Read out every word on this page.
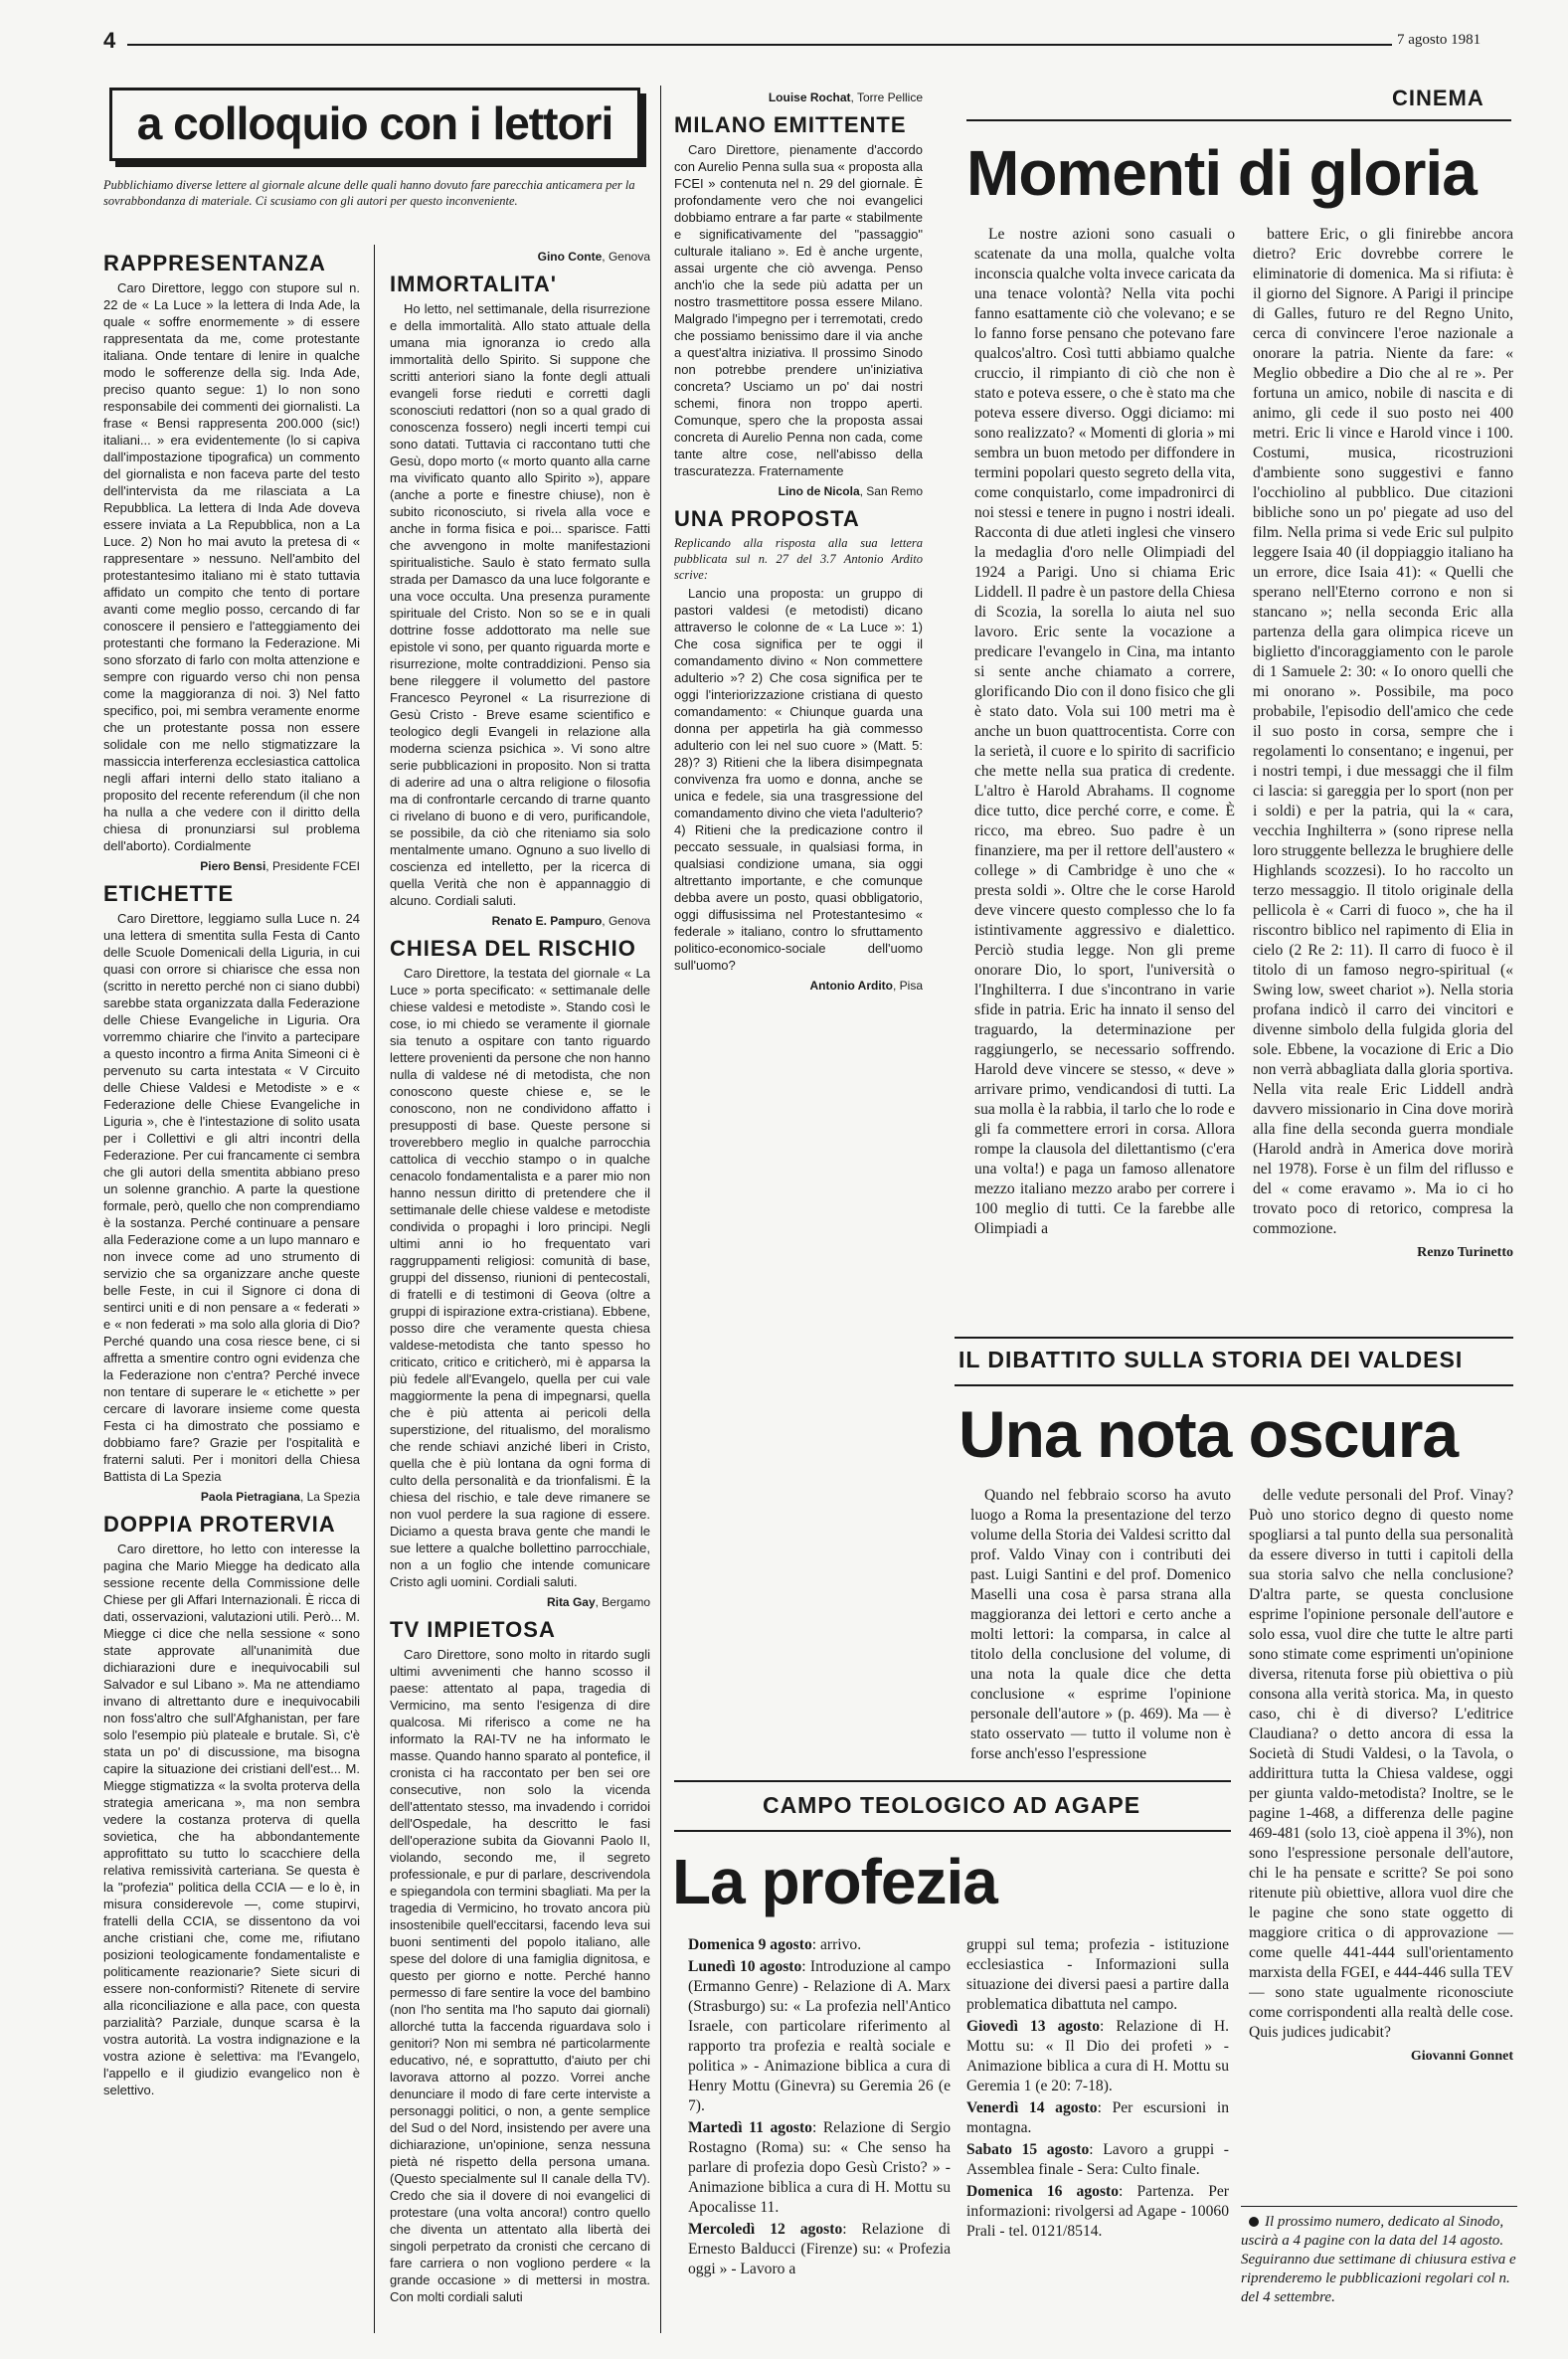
4	7 agosto 1981
a colloquio con i lettori
Pubblichiamo diverse lettere al giornale alcune delle quali hanno dovuto fare parecchia anticamera per la sovrabbondanza di materiale. Ci scusiamo con gli autori per questo inconveniente.
RAPPRESENTANZA

Caro Direttore, leggo con stupore sul n. 22 de « La Luce » la lettera di Inda Ade, la quale « soffre enormemente » di essere rappresentata da me, come protestante italiana. Onde tentare di lenire in qualche modo le sofferenze della sig. Inda Ade, preciso quanto segue: 1) Io non sono responsabile dei commenti dei giornalisti. La frase « Bensi rappresenta 200.000 (sic!) italiani... » era evidentemente (lo si capiva dall'impostazione tipografica) un commento del giornalista e non faceva parte del testo dell'intervista da me rilasciata a La Repubblica. La lettera di Inda Ade doveva essere inviata a La Repubblica, non a La Luce. 2) Non ho mai avuto la pretesa di « rappresentare » nessuno. Nell'ambito del protestantesimo italiano mi è stato tuttavia affidato un compito che tento di portare avanti come meglio posso, cercando di far conoscere il pensiero e l'atteggiamento dei protestanti che formano la Federazione. Mi sono sforzato di farlo con molta attenzione e sempre con riguardo verso chi non pensa come la maggioranza di noi. 3) Nel fatto specifico, poi, mi sembra veramente enorme che un protestante possa non essere solidale con me nello stigmatizzare la massiccia interferenza ecclesiastica cattolica negli affari interni dello stato italiano a proposito del recente referendum (il che non ha nulla a che vedere con il diritto della chiesa di pronunziarsi sul problema dell'aborto). Cordialmente

Piero Bensi, Presidente FCEI
ETICHETTE

Caro Direttore, leggiamo sulla Luce n. 24 una lettera di smentita sulla Festa di Canto delle Scuole Domenicali della Liguria, in cui quasi con orrore si chiarisce che essa non (scritto in neretto perché non ci siano dubbi) sarebbe stata organizzata dalla Federazione delle Chiese Evangeliche in Liguria. Ora vorremmo chiarire che l'invito a partecipare a questo incontro a firma Anita Simeoni ci è pervenuto su carta intestata « V Circuito delle Chiese Valdesi e Metodiste » e « Federazione delle Chiese Evangeliche in Liguria », che è l'intestazione di solito usata per i Collettivi e gli altri incontri della Federazione. Per cui francamente ci sembra che gli autori della smentita abbiano preso un solenne granchio. A parte la questione formale, però, quello che non comprendiamo è la sostanza. Perché continuare a pensare alla Federazione come a un lupo mannaro e non invece come ad uno strumento di servizio che sa organizzare anche queste belle Feste, in cui il Signore ci dona di sentirci uniti e di non pensare a « federati » e « non federati » ma solo alla gloria di Dio? Perché quando una cosa riesce bene, ci si affretta a smentire contro ogni evidenza che la Federazione non c'entra? Perché invece non tentare di superare le « etichette » per cercare di lavorare insieme come questa Festa ci ha dimostrato che possiamo e dobbiamo fare? Grazie per l'ospitalità e fraterni saluti. Per i monitori della Chiesa Battista di La Spezia

Paola Pietragiana, La Spezia
DOPPIA PROTERVIA

Caro direttore, ho letto con interesse la pagina che Mario Miegge ha dedicato alla sessione recente della Commissione delle Chiese per gli Affari Internazionali. È ricca di dati, osservazioni, valutazioni utili. Però... M. Miegge ci dice che nella sessione « sono state approvate all'unanimità due dichiarazioni dure e inequivocabili sul Salvador e sul Libano ». Ma ne attendiamo invano di altrettanto dure e inequivocabili non foss'altro che sull'Afghanistan, per fare solo l'esempio più plateale e brutale. Sì, c'è stata un po' di discussione, ma bisogna capire la situazione dei cristiani dell'est... M. Miegge stigmatizza « la svolta proterva della strategia americana », ma non sembra vedere la costanza proterva di quella sovietica, che ha abbondantemente approfittato su tutto lo scacchiere della relativa remissività carteriana. Se questa è la "profezia" politica della CCIA — e lo è, in misura considerevole —, come stupirvi, fratelli della CCIA, se dissentono da voi anche cristiani che, come me, rifiutano posizioni teologicamente fondamentaliste e politicamente reazionarie? Siete sicuri di essere non-conformisti? Ritenete di servire alla riconciliazione e alla pace, con questa parzialità? Parziale, dunque scarsa è la vostra autorità. La vostra indignazione e la vostra azione è selettiva: ma l'Evangelo, l'appello e il giudizio evangelico non è selettivo.

Gino Conte, Genova
IMMORTALITA'

Ho letto, nel settimanale, della risurrezione e della immortalità. Allo stato attuale della umana mia ignoranza io credo alla immortalità dello Spirito. Si suppone che scritti anteriori siano la fonte degli attuali evangeli forse rieduti e corretti dagli sconosciuti redattori (non so a qual grado di conoscenza fossero) negli incerti tempi cui sono datati. Tuttavia ci raccontano tutti che Gesù, dopo morto (« morto quanto alla carne ma vivificato quanto allo Spirito »), appare (anche a porte e finestre chiuse), non è subito riconosciuto, si rivela alla voce e anche in forma fisica e poi... sparisce. Fatti che avvengono in molte manifestazioni spiritualistiche. Saulo è stato fermato sulla strada per Damasco da una luce folgorante e una voce occulta. Una presenza puramente spirituale del Cristo. Non so se e in quali dottrine fosse addottorato ma nelle sue epistole vi sono, per quanto riguarda morte e risurrezione, molte contraddizioni. Penso sia bene rileggere il volumetto del pastore Francesco Peyronel « La risurrezione di Gesù Cristo - Breve esame scientifico e teologico degli Evangeli in relazione alla moderna scienza psichica ». Vi sono altre serie pubblicazioni in proposito. Non si tratta di aderire ad una o altra religione o filosofia ma di confrontarle cercando di trarne quanto ci rivelano di buono e di vero, purificandole, se possibile, da ciò che riteniamo sia solo mentalmente umano. Ognuno a suo livello di coscienza ed intelletto, per la ricerca di quella Verità che non è appannaggio di alcuno. Cordiali saluti.

Renato E. Pampuro, Genova
CHIESA DEL RISCHIO

Caro Direttore, la testata del giornale « La Luce » porta specificato: « settimanale delle chiese valdesi e metodiste ». Stando così le cose, io mi chiedo se veramente il giornale sia tenuto a ospitare con tanto riguardo lettere provenienti da persone che non hanno nulla di valdese né di metodista, che non conoscono queste chiese e, se le conoscono, non ne condividono affatto i presupposti di base. Queste persone si troverebbero meglio in qualche parrocchia cattolica di vecchio stampo o in qualche cenacolo fondamentalista e a parer mio non hanno nessun diritto di pretendere che il settimanale delle chiese valdese e metodiste condivida o propaghi i loro principi. Negli ultimi anni io ho frequentato vari raggruppamenti religiosi: comunità di base, gruppi del dissenso, riunioni di pentecostali, di fratelli e di testimoni di Geova (oltre a gruppi di ispirazione extra-cristiana). Ebbene, posso dire che veramente questa chiesa valdese-metodista che tanto spesso ho criticato, critico e criticherò, mi è apparsa la più fedele all'Evangelo, quella per cui vale maggiormente la pena di impegnarsi, quella che è più attenta ai pericoli della superstizione, del ritualismo, del moralismo che rende schiavi anziché liberi in Cristo, quella che è più lontana da ogni forma di culto della personalità e da trionfalismi. È la chiesa del rischio, e tale deve rimanere se non vuol perdere la sua ragione di essere. Diciamo a questa brava gente che mandi le sue lettere a qualche bollettino parrocchiale, non a un foglio che intende comunicare Cristo agli uomini. Cordiali saluti.

Rita Gay, Bergamo
TV IMPIETOSA

Caro Direttore, sono molto in ritardo sugli ultimi avvenimenti che hanno scosso il paese: attentato al papa, tragedia di Vermicino, ma sento l'esigenza di dire qualcosa. Mi riferisco a come ne ha informato la RAI-TV ne ha informato le masse. Quando hanno sparato al pontefice, il cronista ci ha raccontato per ben sei ore consecutive, non solo la vicenda dell'attentato stesso, ma invadendo i corridoi dell'Ospedale, ha descritto le fasi dell'operazione subita da Giovanni Paolo II, violando, secondo me, il segreto professionale, e pur di parlare, descrivendola e spiegandola con termini sbagliati. Ma per la tragedia di Vermicino, ho trovato ancora più insostenibile quell'eccitarsi, facendo leva sui buoni sentimenti del popolo italiano, alle spese del dolore di una famiglia dignitosa, e questo per giorno e notte. Perché hanno permesso di fare sentire la voce del bambino (non l'ho sentita ma l'ho saputo dai giornali) allorché tutta la faccenda riguardava solo i genitori? Non mi sembra né particolarmente educativo, né, e soprattutto, d'aiuto per chi lavorava attorno al pozzo. Vorrei anche denunciare il modo di fare certe interviste a personaggi politici, o non, a gente semplice del Sud o del Nord, insistendo per avere una dichiarazione, un'opinione, senza nessuna pietà né rispetto della persona umana. (Questo specialmente sul II canale della TV). Credo che sia il dovere di noi evangelici di protestare (una volta ancora!) contro quello che diventa un attentato alla libertà dei singoli perpetrato da cronisti che cercano di fare carriera o non vogliono perdere « la grande occasione » di mettersi in mostra. Con molti cordiali saluti

Louise Rochat, Torre Pellice
MILANO EMITTENTE

Caro Direttore, pienamente d'accordo con Aurelio Penna sulla sua « proposta alla FCEI » contenuta nel n. 29 del giornale. È profondamente vero che noi evangelici dobbiamo entrare a far parte « stabilmente e significativamente del "passaggio" culturale italiano ». Ed è anche urgente, assai urgente che ciò avvenga. Penso anch'io che la sede più adatta per un nostro trasmettitore possa essere Milano. Malgrado l'impegno per i terremotati, credo che possiamo benissimo dare il via anche a quest'altra iniziativa. Il prossimo Sinodo non potrebbe prendere un'iniziativa concreta? Usciamo un po' dai nostri schemi, finora non troppo aperti. Comunque, spero che la proposta assai concreta di Aurelio Penna non cada, come tante altre cose, nell'abisso della trascuratezza. Fraternamente

Lino de Nicola, San Remo
UNA PROPOSTA

Replicando alla risposta alla sua lettera pubblicata sul n. 27 del 3.7 Antonio Ardito scrive:

Lancio una proposta: un gruppo di pastori valdesi (e metodisti) dicano attraverso le colonne de « La Luce »: 1) Che cosa significa per te oggi il comandamento divino « Non commettere adulterio »? 2) Che cosa significa per te oggi l'interiorizzazione cristiana di questo comandamento: « Chiunque guarda una donna per appetirla ha già commesso adulterio con lei nel suo cuore » (Matt. 5: 28)? 3) Ritieni che la libera disimpegnata convivenza fra uomo e donna, anche se unica e fedele, sia una trasgressione del comandamento divino che vieta l'adulterio? 4) Ritieni che la predicazione contro il peccato sessuale, in qualsiasi forma, in qualsiasi condizione umana, sia oggi altrettanto importante, e che comunque debba avere un posto, quasi obbligatorio, oggi diffusissima nel Protestantesimo « federale » italiano, contro lo sfruttamento politico-economico-sociale dell'uomo sull'uomo?

Antonio Ardito, Pisa
CINEMA
Momenti di gloria

Le nostre azioni sono casuali o scatenate da una molla, qualche volta inconscia qualche volta invece caricata da una tenace volontà? Nella vita pochi fanno esattamente ciò che volevano; e se lo fanno forse pensano che potevano fare qualcos'altro. Così tutti abbiamo qualche cruccio, il rimpianto di ciò che non è stato e poteva essere, o che è stato ma che poteva essere diverso. Oggi diciamo: mi sono realizzato? « Momenti di gloria » mi sembra un buon metodo per diffondere in termini popolari questo segreto della vita, come conquistarlo, come impadronirci di noi stessi e tenere in pugno i nostri ideali. Racconta di due atleti inglesi che vinsero la medaglia d'oro nelle Olimpiadi del 1924 a Parigi. Uno si chiama Eric Liddell. Il padre è un pastore della Chiesa di Scozia, la sorella lo aiuta nel suo lavoro. Eric sente la vocazione a predicare l'evangelo in Cina, ma intanto si sente anche chiamato a correre, glorificando Dio con il dono fisico che gli è stato dato. Vola sui 100 metri ma è anche un buon quattrocentista. Corre con la serietà, il cuore e lo spirito di sacrificio che mette nella sua pratica di credente. L'altro è Harold Abrahams. Il cognome dice tutto, dice perché corre, e come. È ricco, ma ebreo. Suo padre è un finanziere, ma per il rettore dell'austero « college » di Cambridge è uno che « presta soldi ». Oltre che le corse Harold deve vincere questo complesso che lo fa istintivamente aggressivo e dialettico. Perciò studia legge. Non gli preme onorare Dio, lo sport, l'università o l'Inghilterra. I due s'incontrano in varie sfide in patria. Eric ha innato il senso del traguardo, la determinazione per raggiungerlo, se necessario soffrendo. Harold deve vincere se stesso, « deve » arrivare primo, vendicandosi di tutti. La sua molla è la rabbia, il tarlo che lo rode e gli fa commettere errori in corsa. Allora rompe la clausola del dilettantismo (c'era una volta!) e paga un famoso allenatore mezzo italiano mezzo arabo per correre i 100 meglio di tutti. Ce la farebbe alle Olimpiadi a

battere Eric, o gli finirebbe ancora dietro? Eric dovrebbe correre le eliminatorie di domenica. Ma si rifiuta: è il giorno del Signore. A Parigi il principe di Galles, futuro re del Regno Unito, cerca di convincere l'eroe nazionale a onorare la patria. Niente da fare: « Meglio obbedire a Dio che al re ». Per fortuna un amico, nobile di nascita e di animo, gli cede il suo posto nei 400 metri. Eric li vince e Harold vince i 100. Costumi, musica, ricostruzioni d'ambiente sono suggestivi e fanno l'occhiolino al pubblico. Due citazioni bibliche sono un po' piegate ad uso del film. Nella prima si vede Eric sul pulpito leggere Isaia 40 (il doppiaggio italiano ha un errore, dice Isaia 41): « Quelli che sperano nell'Eterno corrono e non si stancano »; nella seconda Eric alla partenza della gara olimpica riceve un biglietto d'incoraggiamento con le parole di 1 Samuele 2: 30: « Io onoro quelli che mi onorano ». Possibile, ma poco probabile, l'episodio dell'amico che cede il suo posto in corsa, sempre che i regolamenti lo consentano; e ingenui, per i nostri tempi, i due messaggi che il film ci lascia: si gareggia per lo sport (non per i soldi) e per la patria, qui la « cara, vecchia Inghilterra » (sono riprese nella loro struggente bellezza le brughiere delle Highlands scozzesi). Io ho raccolto un terzo messaggio. Il titolo originale della pellicola è « Carri di fuoco », che ha il riscontro biblico nel rapimento di Elia in cielo (2 Re 2: 11). Il carro di fuoco è il titolo di un famoso negro-spiritual (« Swing low, sweet chariot »). Nella storia profana indicò il carro dei vincitori e divenne simbolo della fulgida gloria del sole. Ebbene, la vocazione di Eric a Dio non verrà abbagliata dalla gloria sportiva. Nella vita reale Eric Liddell andrà davvero missionario in Cina dove morirà alla fine della seconda guerra mondiale (Harold andrà in America dove morirà nel 1978). Forse è un film del riflusso e del « come eravamo ». Ma io ci ho trovato poco di retorico, compresa la commozione.

Renzo Turinetto
IL DIBATTITO SULLA STORIA DEI VALDESI
Una nota oscura

Quando nel febbraio scorso ha avuto luogo a Roma la presentazione del terzo volume della Storia dei Valdesi scritto dal prof. Valdo Vinay con i contributi dei past. Luigi Santini e del prof. Domenico Maselli una cosa è parsa strana alla maggioranza dei lettori e certo anche a molti lettori: la comparsa, in calce al titolo della conclusione del volume, di una nota la quale dice che detta conclusione « esprime l'opinione personale dell'autore » (p. 469). Ma — è stato osservato — tutto il volume non è forse anch'esso l'espressione

delle vedute personali del Prof. Vinay? Può uno storico degno di questo nome spogliarsi a tal punto della sua personalità da essere diverso in tutti i capitoli della sua storia salvo che nella conclusione? D'altra parte, se questa conclusione esprime l'opinione personale dell'autore e solo essa, vuol dire che tutte le altre parti sono stimate come esprimenti un'opinione diversa, ritenuta forse più obiettiva o più consona alla verità storica. Ma, in questo caso, chi è di diverso? L'editrice Claudiana? o detto ancora di essa la Società di Studi Valdesi, o la Tavola, o addirittura tutta la Chiesa valdese, oggi per giunta valdo-metodista? Inoltre, se le pagine 1-468, a differenza delle pagine 469-481 (solo 13, cioè appena il 3%), non sono l'espressione personale dell'autore, chi le ha pensate e scritte? Se poi sono ritenute più obiettive, allora vuol dire che le pagine che sono state oggetto di maggiore critica o di approvazione — come quelle 441-444 sull'orientamento marxista della FGEI, e 444-446 sulla TEV — sono state ugualmente riconosciute come corrispondenti alla realtà delle cose. Quis judices judicabit?

Giovanni Gonnet
CAMPO TEOLOGICO AD AGAPE
La profezia

Domenica 9 agosto: arrivo.

Lunedì 10 agosto: Introduzione al campo (Ermanno Genre) - Relazione di A. Marx (Strasburgo) su: « La profezia nell'Antico Israele, con particolare riferimento al rapporto tra profezia e realtà sociale e politica » - Animazione biblica a cura di Henry Mottu (Ginevra) su Geremia 26 (e 7).

Martedì 11 agosto: Relazione di Sergio Rostagno (Roma) su: « Che senso ha parlare di profezia dopo Gesù Cristo? » - Animazione biblica a cura di H. Mottu su Apocalisse 11.

Mercoledì 12 agosto: Relazione di Ernesto Balducci (Firenze) su: « Profezia oggi » - Lavoro a

gruppi sul tema; profezia - istituzione ecclesiastica - Informazioni sulla situazione dei diversi paesi a partire dalla problematica dibattuta nel campo.

Giovedì 13 agosto: Relazione di H. Mottu su: « Il Dio dei profeti » - Animazione biblica a cura di H. Mottu su Geremia 1 (e 20: 7-18).

Venerdì 14 agosto: Per escursioni in montagna.

Sabato 15 agosto: Lavoro a gruppi - Assemblea finale - Sera: Culto finale.

Domenica 16 agosto: Partenza. Per informazioni: rivolgersi ad Agape - 10060 Prali - tel. 0121/8514.

Il prossimo numero, dedicato al Sinodo, uscirà a 4 pagine con la data del 14 agosto. Seguiranno due settimane di chiusura estiva e riprenderemo le pubblicazioni regolari col n. del 4 settembre.
